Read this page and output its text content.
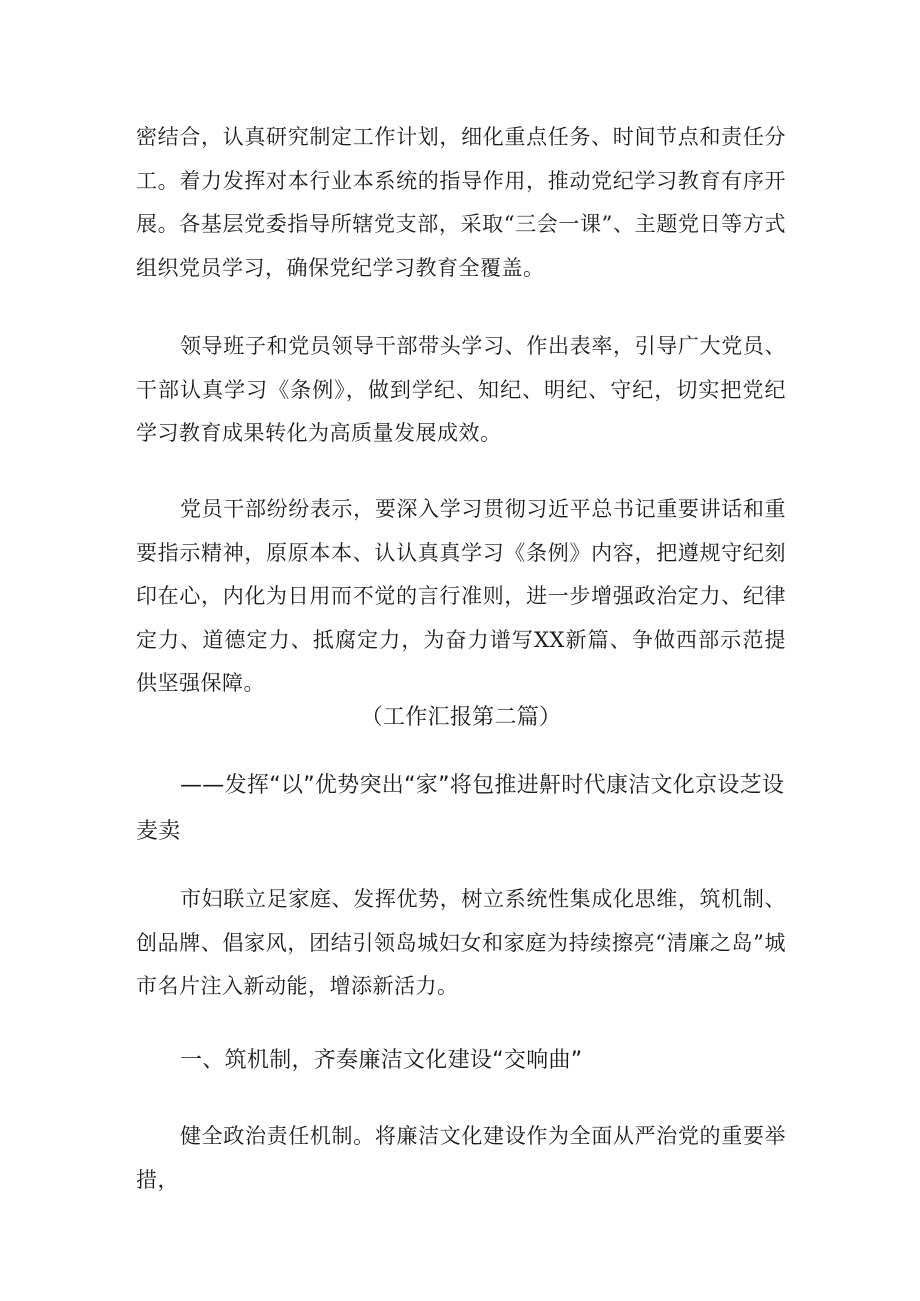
密结合，认真研究制定工作计划，细化重点任务、时间节点和责任分工。着力发挥对本行业本系统的指导作用，推动党纪学习教育有序开展。各基层党委指导所辖党支部，采取“三会一课”、主题党日等方式组织党员学习，确保党纪学习教育全覆盖。

领导班子和党员领导干部带头学习、作出表率，引导广大党员、干部认真学习《条例》，做到学纪、知纪、明纪、守纪，切实把党纪学习教育成果转化为高质量发展成效。

党员干部纷纷表示，要深入学习贯彻习近平总书记重要讲话和重要指示精神，原原本本、认认真真学习《条例》内容，把遵规守纪刻印在心，内化为日用而不觉的言行准则，进一步增强政治定力、纪律定力、道德定力、抵腐定力，为奋力谱写XX新篇、争做西部示范提供坚强保障。

（工作汇报第二篇）

——发挥“以”优势突出“家”将包推进鼾时代康洁文化京设芝设麦卖

市妇联立足家庭、发挥优势，树立系统性集成化思维，筑机制、创品牌、倡家风，团结引领岛城妇女和家庭为持续擦亮“清廉之岛”城市名片注入新动能，增添新活力。

一、筑机制，齐奏廉洁文化建设“交响曲”

健全政治责任机制。将廉洁文化建设作为全面从严治党的重要举措，
